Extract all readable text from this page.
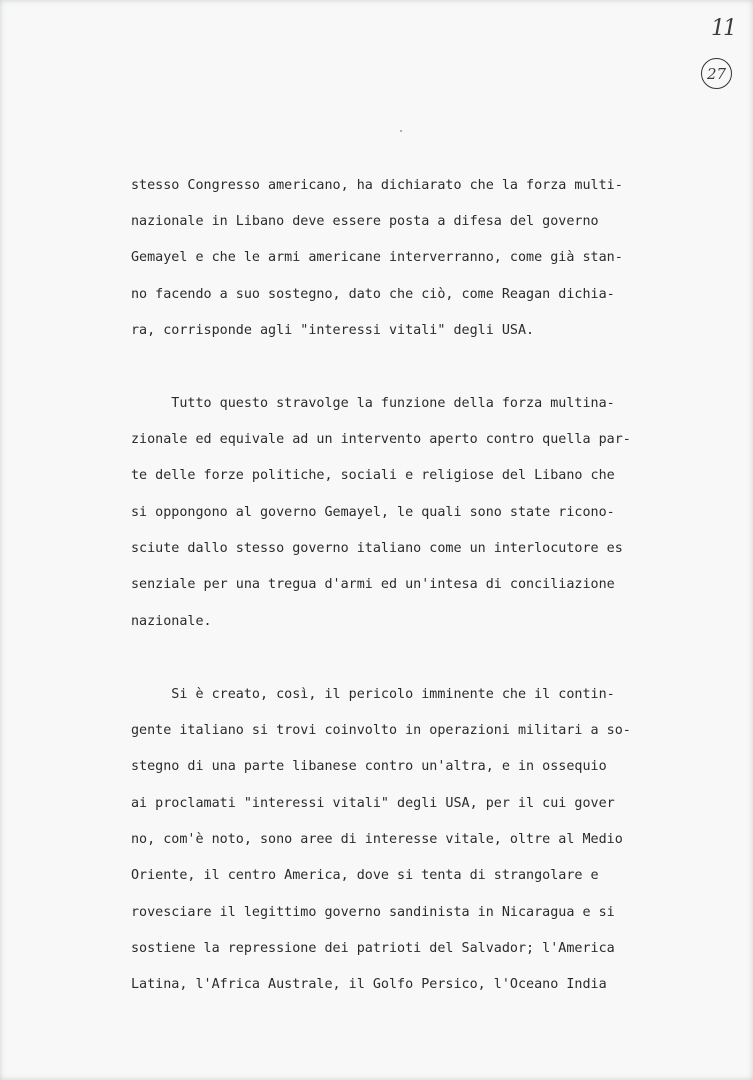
11
27

stesso Congresso americano, ha dichiarato che la forza multi-

nazionale in Libano deve essere posta a difesa del governo

Gemayel e che le armi americane interverranno, come già stan-

no facendo a suo sostegno, dato che ciò, come Reagan dichia-

ra, corrisponde agli "interessi vitali" degli USA.

Tutto questo stravolge la funzione della forza multina-

zionale ed equivale ad un intervento aperto contro quella par-

te delle forze politiche, sociali e religiose del Libano che

si oppongono al governo Gemayel, le quali sono state ricono-

sciute dallo stesso governo italiano come un interlocutore es

senziale per una tregua d'armi ed un'intesa di conciliazione

nazionale.

Si è creato, così, il pericolo imminente che il contin-

gente italiano si trovi coinvolto in operazioni militari a so-

stegno di una parte libanese contro un'altra, e in ossequio

ai proclamati "interessi vitali" degli USA, per il cui gover

no, com'è noto, sono aree di interesse vitale, oltre al Medio

Oriente, il centro America, dove si tenta di strangolare e

rovesciare il legittimo governo sandinista in Nicaragua e si

sostiene la repressione dei patrioti del Salvador; l'America

Latina, l'Africa Australe, il Golfo Persico, l'Oceano India
